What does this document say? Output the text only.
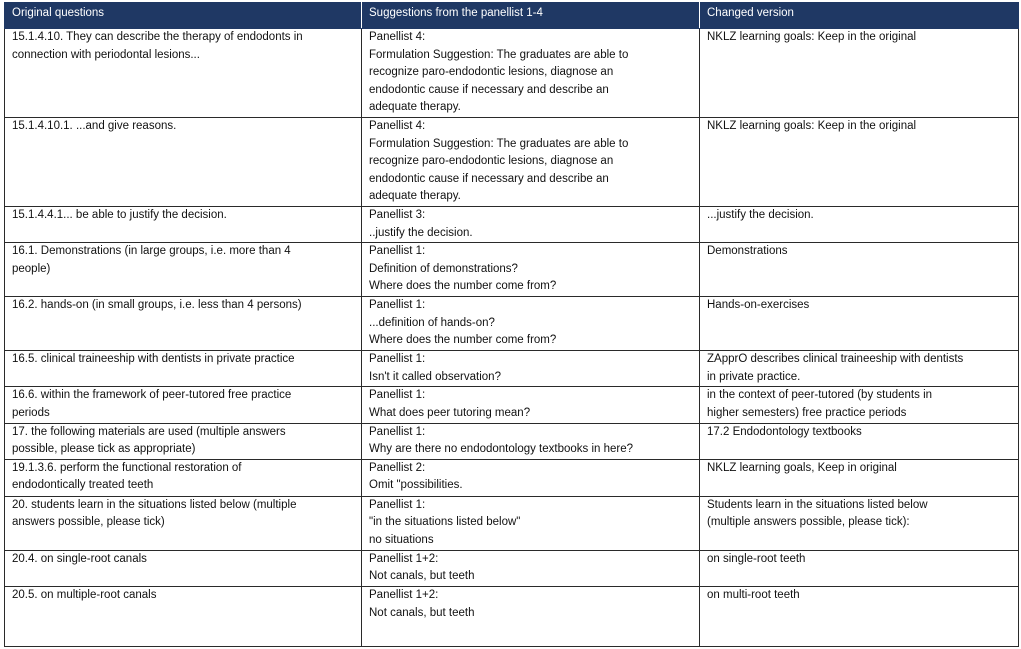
Original questions	Suggestions from the panellist 1-4	Changed version

15.1.4.10. They can describe the therapy of endodonts in
connection with periodontal lesions...	Panellist 4:
Formulation Suggestion: The graduates are able to
recognize paro-endodontic lesions, diagnose an
endodontic cause if necessary and describe an
adequate therapy.	NKLZ learning goals: Keep in the original

15.1.4.10.1. ...and give reasons.	Panellist 4:
Formulation Suggestion: The graduates are able to
recognize paro-endodontic lesions, diagnose an
endodontic cause if necessary and describe an
adequate therapy.	NKLZ learning goals: Keep in the original

15.1.4.4.1... be able to justify the decision.	Panellist 3:
..justify the decision.	...justify the decision.

16.1. Demonstrations (in large groups, i.e. more than 4
people)	Panellist 1:
Definition of demonstrations?
Where does the number come from?	Demonstrations

16.2. hands-on (in small groups, i.e. less than 4 persons)	Panellist 1:
...definition of hands-on?
Where does the number come from?	Hands-on-exercises

16.5. clinical traineeship with dentists in private practice	Panellist 1:
Isn't it called observation?	ZApprO describes clinical traineeship with dentists
in private practice.

16.6. within the framework of peer-tutored free practice
periods	Panellist 1:
What does peer tutoring mean?	in the context of peer-tutored (by students in
higher semesters) free practice periods

17. the following materials are used (multiple answers
possible, please tick as appropriate)	Panellist 1:
Why are there no endodontology textbooks in here?	17.2 Endodontology textbooks

19.1.3.6. perform the functional restoration of
endodontically treated teeth	Panellist 2:
Omit "possibilities.	NKLZ learning goals, Keep in original

20. students learn in the situations listed below (multiple
answers possible, please tick)	Panellist 1:
"in the situations listed below"
no situations	Students learn in the situations listed below
(multiple answers possible, please tick):

20.4. on single-root canals	Panellist 1+2:
Not canals, but teeth	on single-root teeth

20.5. on multiple-root canals	Panellist 1+2:
Not canals, but teeth	on multi-root teeth
